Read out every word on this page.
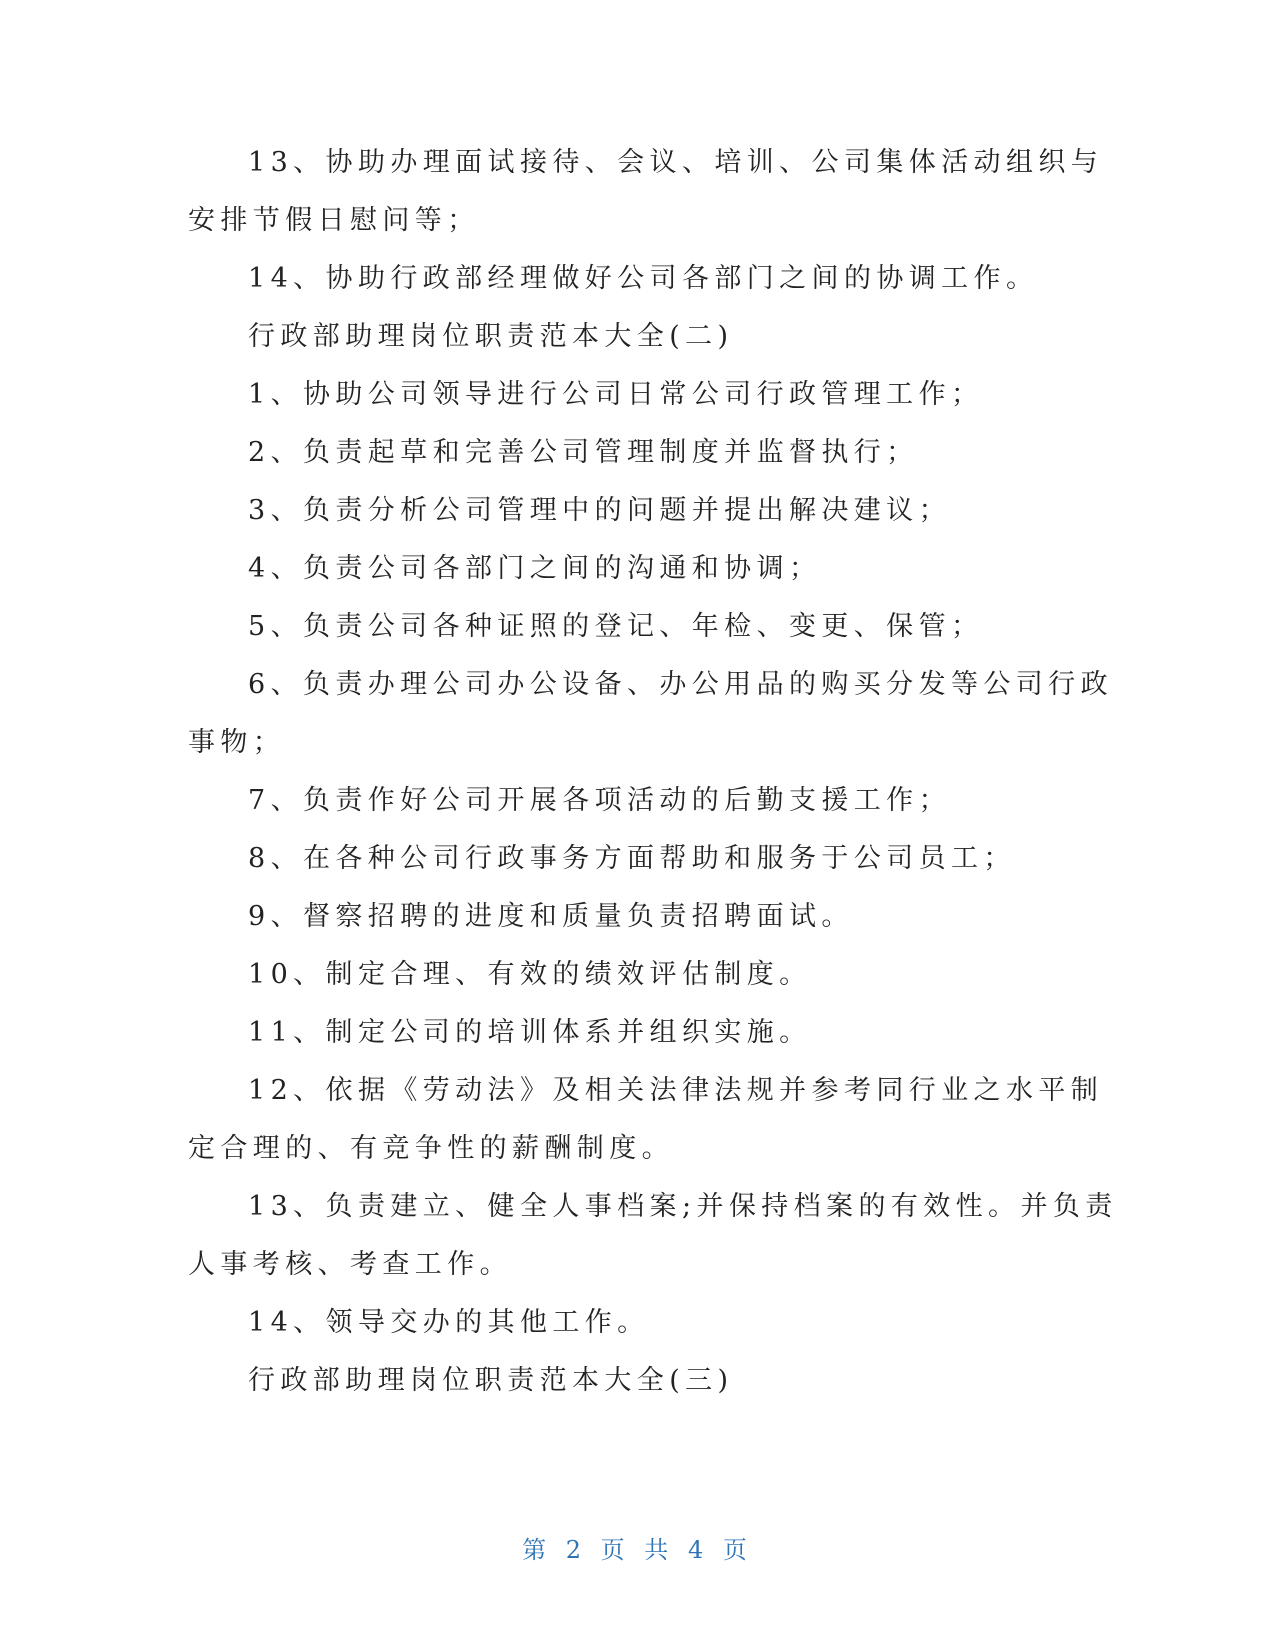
13、协助办理面试接待、会议、培训、公司集体活动组织与
安排节假日慰问等；
14、协助行政部经理做好公司各部门之间的协调工作。
行政部助理岗位职责范本大全(二)
1、协助公司领导进行公司日常公司行政管理工作；
2、负责起草和完善公司管理制度并监督执行；
3、负责分析公司管理中的问题并提出解决建议；
4、负责公司各部门之间的沟通和协调；
5、负责公司各种证照的登记、年检、变更、保管；
6、负责办理公司办公设备、办公用品的购买分发等公司行政
事物；
7、负责作好公司开展各项活动的后勤支援工作；
8、在各种公司行政事务方面帮助和服务于公司员工；
9、督察招聘的进度和质量负责招聘面试。
10、制定合理、有效的绩效评估制度。
11、制定公司的培训体系并组织实施。
12、依据《劳动法》及相关法律法规并参考同行业之水平制
定合理的、有竞争性的薪酬制度。
13、负责建立、健全人事档案;并保持档案的有效性。并负责
人事考核、考查工作。
14、领导交办的其他工作。
行政部助理岗位职责范本大全(三)
第 2 页 共 4 页
